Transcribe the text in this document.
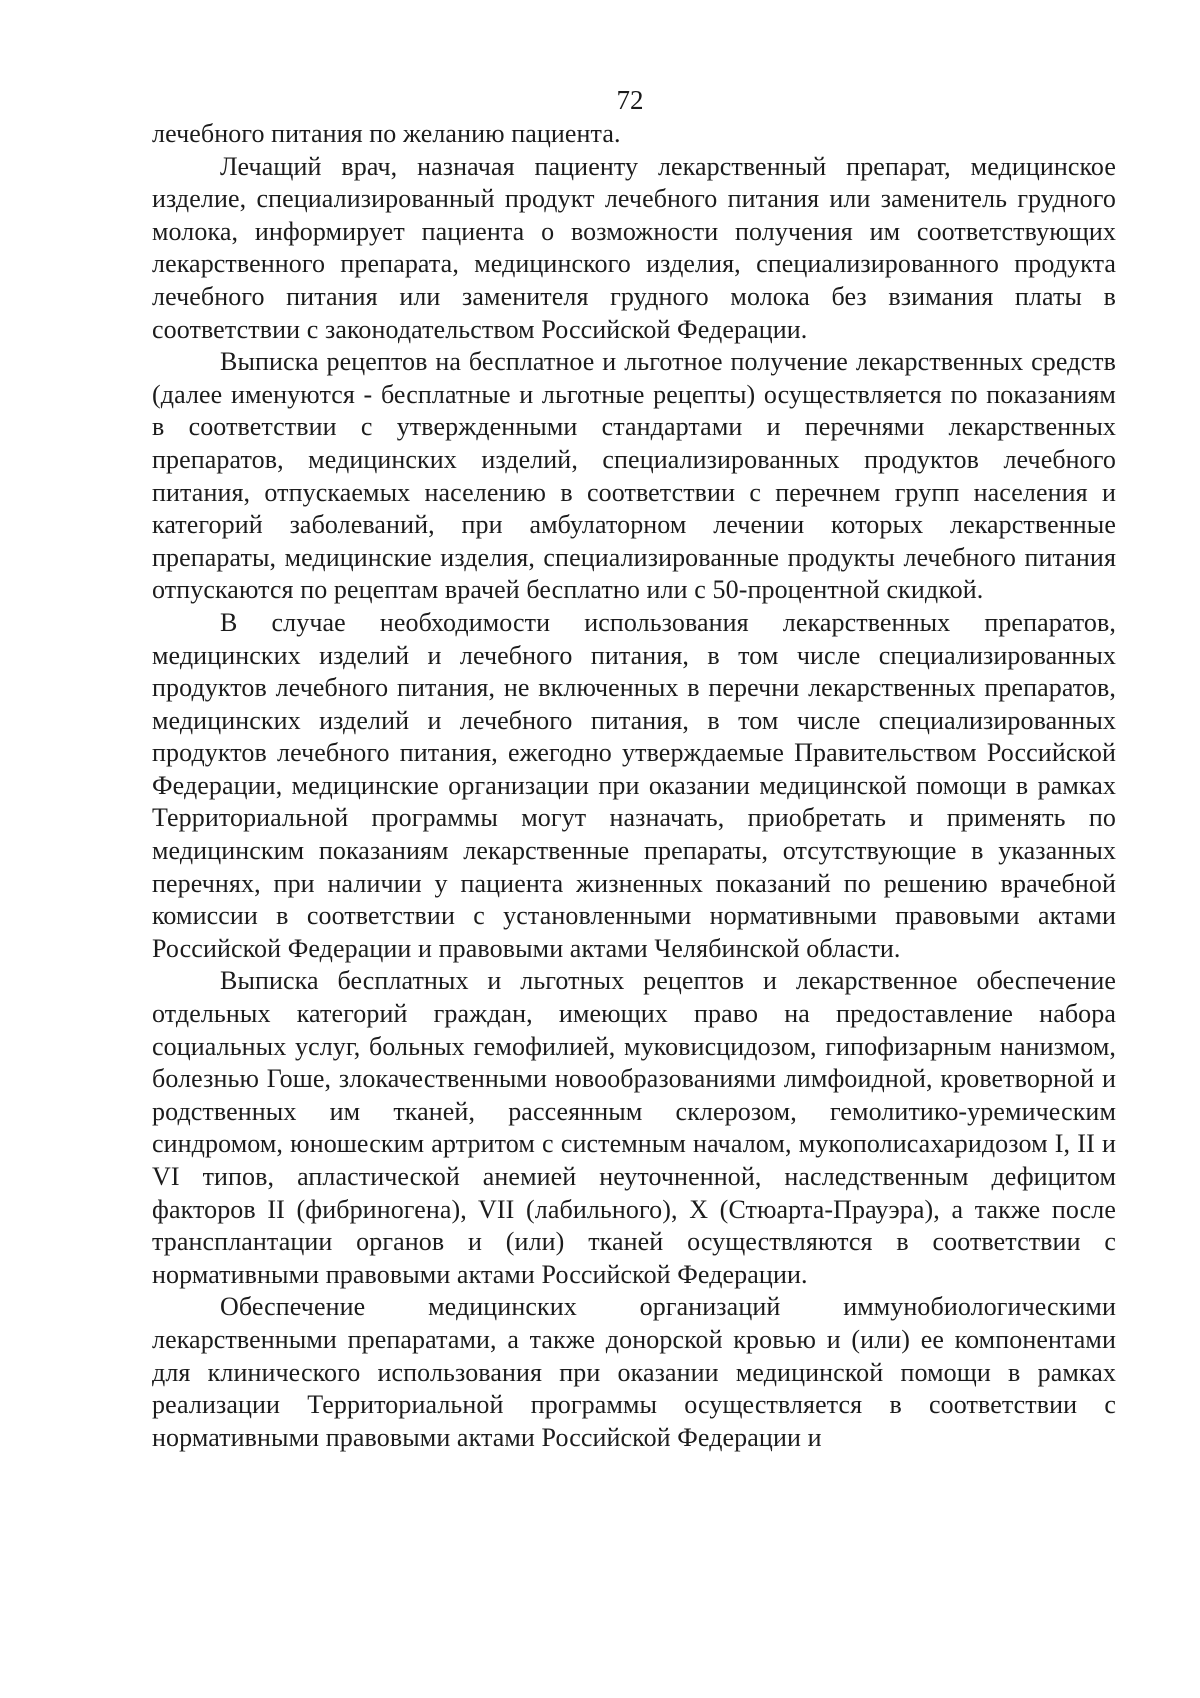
72

лечебного питания по желанию пациента.

Лечащий врач, назначая пациенту лекарственный препарат, медицинское изделие, специализированный продукт лечебного питания или заменитель грудного молока, информирует пациента о возможности получения им соответствующих лекарственного препарата, медицинского изделия, специализированного продукта лечебного питания или заменителя грудного молока без взимания платы в соответствии с законодательством Российской Федерации.

Выписка рецептов на бесплатное и льготное получение лекарственных средств (далее именуются - бесплатные и льготные рецепты) осуществляется по показаниям в соответствии с утвержденными стандартами и перечнями лекарственных препаратов, медицинских изделий, специализированных продуктов лечебного питания, отпускаемых населению в соответствии с перечнем групп населения и категорий заболеваний, при амбулаторном лечении которых лекарственные препараты, медицинские изделия, специализированные продукты лечебного питания отпускаются по рецептам врачей бесплатно или с 50-процентной скидкой.

В случае необходимости использования лекарственных препаратов, медицинских изделий и лечебного питания, в том числе специализированных продуктов лечебного питания, не включенных в перечни лекарственных препаратов, медицинских изделий и лечебного питания, в том числе специализированных продуктов лечебного питания, ежегодно утверждаемые Правительством Российской Федерации, медицинские организации при оказании медицинской помощи в рамках Территориальной программы могут назначать, приобретать и применять по медицинским показаниям лекарственные препараты, отсутствующие в указанных перечнях, при наличии у пациента жизненных показаний по решению врачебной комиссии в соответствии с установленными нормативными правовыми актами Российской Федерации и правовыми актами Челябинской области.

Выписка бесплатных и льготных рецептов и лекарственное обеспечение отдельных категорий граждан, имеющих право на предоставление набора социальных услуг, больных гемофилией, муковисцидозом, гипофизарным нанизмом, болезнью Гоше, злокачественными новообразованиями лимфоидной, кроветворной и родственных им тканей, рассеянным склерозом, гемолитико-уремическим синдромом, юношеским артритом с системным началом, мукополисахаридозом I, II и VI типов, апластической анемией неуточненной, наследственным дефицитом факторов II (фибриногена), VII (лабильного), X (Стюарта-Прауэра), а также после трансплантации органов и (или) тканей осуществляются в соответствии с нормативными правовыми актами Российской Федерации.

Обеспечение медицинских организаций иммунобиологическими лекарственными препаратами, а также донорской кровью и (или) ее компонентами для клинического использования при оказании медицинской помощи в рамках реализации Территориальной программы осуществляется в соответствии с нормативными правовыми актами Российской Федерации и
